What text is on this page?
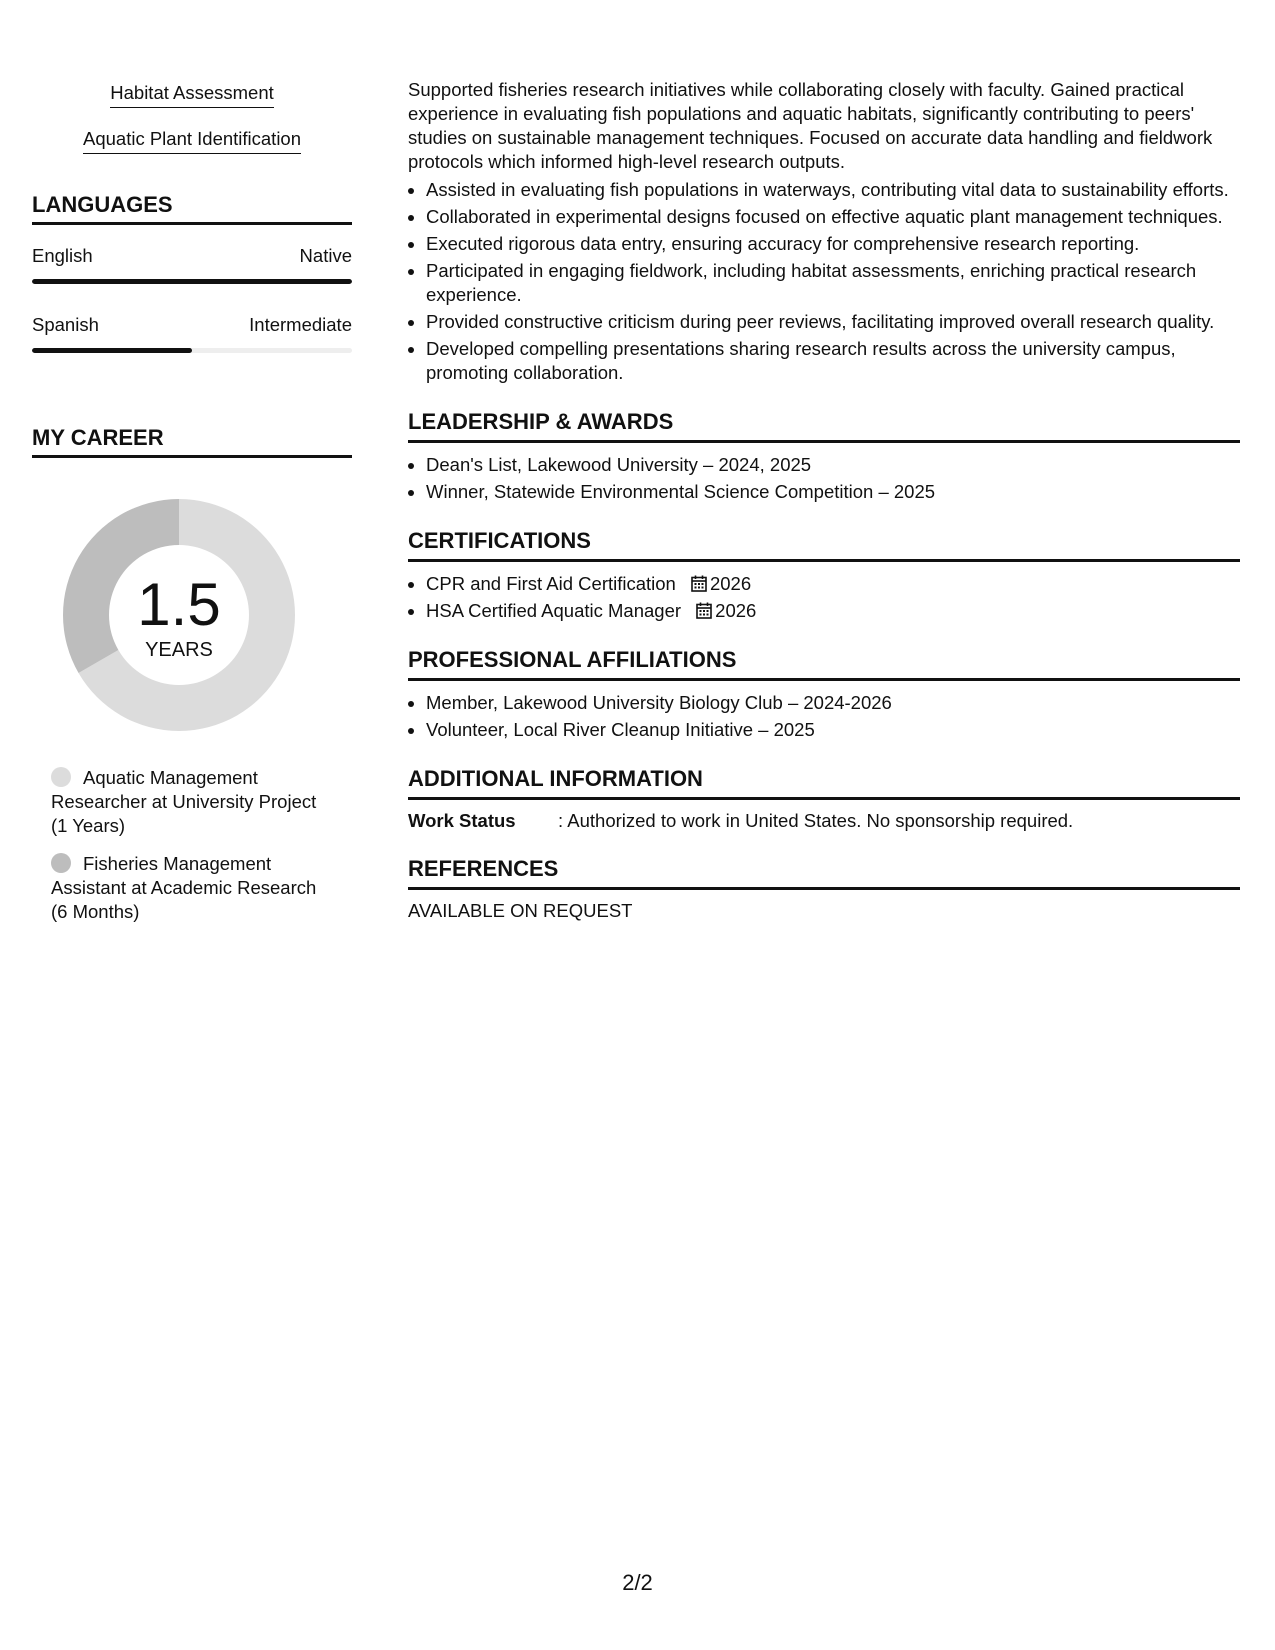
Habitat Assessment
Aquatic Plant Identification
LANGUAGES
English	Native
Spanish	Intermediate
MY CAREER
1.5
YEARS
Aquatic Management Researcher at University Project (1 Years)
Fisheries Management Assistant at Academic Research (6 Months)

Supported fisheries research initiatives while collaborating closely with faculty. Gained practical experience in evaluating fish populations and aquatic habitats, significantly contributing to peers' studies on sustainable management techniques. Focused on accurate data handling and fieldwork protocols which informed high-level research outputs.

• Assisted in evaluating fish populations in waterways, contributing vital data to sustainability efforts.
• Collaborated in experimental designs focused on effective aquatic plant management techniques.
• Executed rigorous data entry, ensuring accuracy for comprehensive research reporting.
• Participated in engaging fieldwork, including habitat assessments, enriching practical research experience.
• Provided constructive criticism during peer reviews, facilitating improved overall research quality.
• Developed compelling presentations sharing research results across the university campus, promoting collaboration.
LEADERSHIP & AWARDS
• Dean's List, Lakewood University – 2024, 2025
• Winner, Statewide Environmental Science Competition – 2025
CERTIFICATIONS
• CPR and First Aid Certification 2026
• HSA Certified Aquatic Manager 2026
PROFESSIONAL AFFILIATIONS
• Member, Lakewood University Biology Club – 2024-2026
• Volunteer, Local River Cleanup Initiative – 2025
ADDITIONAL INFORMATION
Work Status	: Authorized to work in United States. No sponsorship required.
REFERENCES
AVAILABLE ON REQUEST
2/2
